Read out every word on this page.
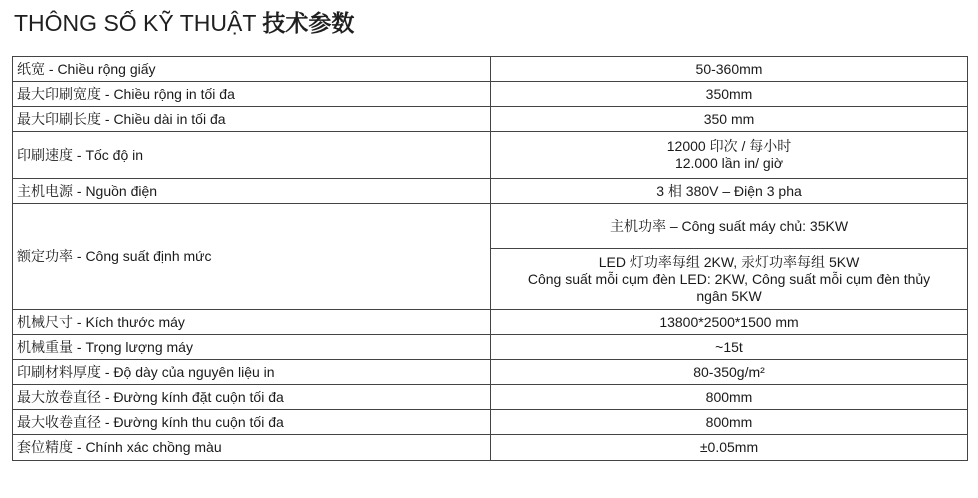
THÔNG SỐ KỸ THUẬT 技术参数
纸宽 - Chiều rộng giấy	50-360mm
最大印刷宽度 - Chiều rộng in tối đa	350mm
最大印刷长度 - Chiều dài in tối đa	350 mm
印刷速度 - Tốc độ in	12000 印次 / 每小时
12.000 lần in/ giờ

主机电源 - Nguồn điện	3 相 380V – Điện 3 pha
额定功率 - Công suất định mức	主机功率 – Công suất máy chủ: 35KW

	LED 灯功率每组 2KW, 汞灯功率每组 5KW
Công suất mỗi cụm đèn LED: 2KW, Công suất mỗi cụm đèn thủy
ngân 5KW

机械尺寸 - Kích thước máy	13800*2500*1500 mm
机械重量 - Trọng lượng máy	~15t
印刷材料厚度 - Độ dày của nguyên liệu in	80-350g/m²
最大放卷直径 - Đường kính đặt cuộn tối đa	800mm
最大收卷直径 - Đường kính thu cuộn tối đa	800mm
套位精度 - Chính xác chồng màu	±0.05mm
